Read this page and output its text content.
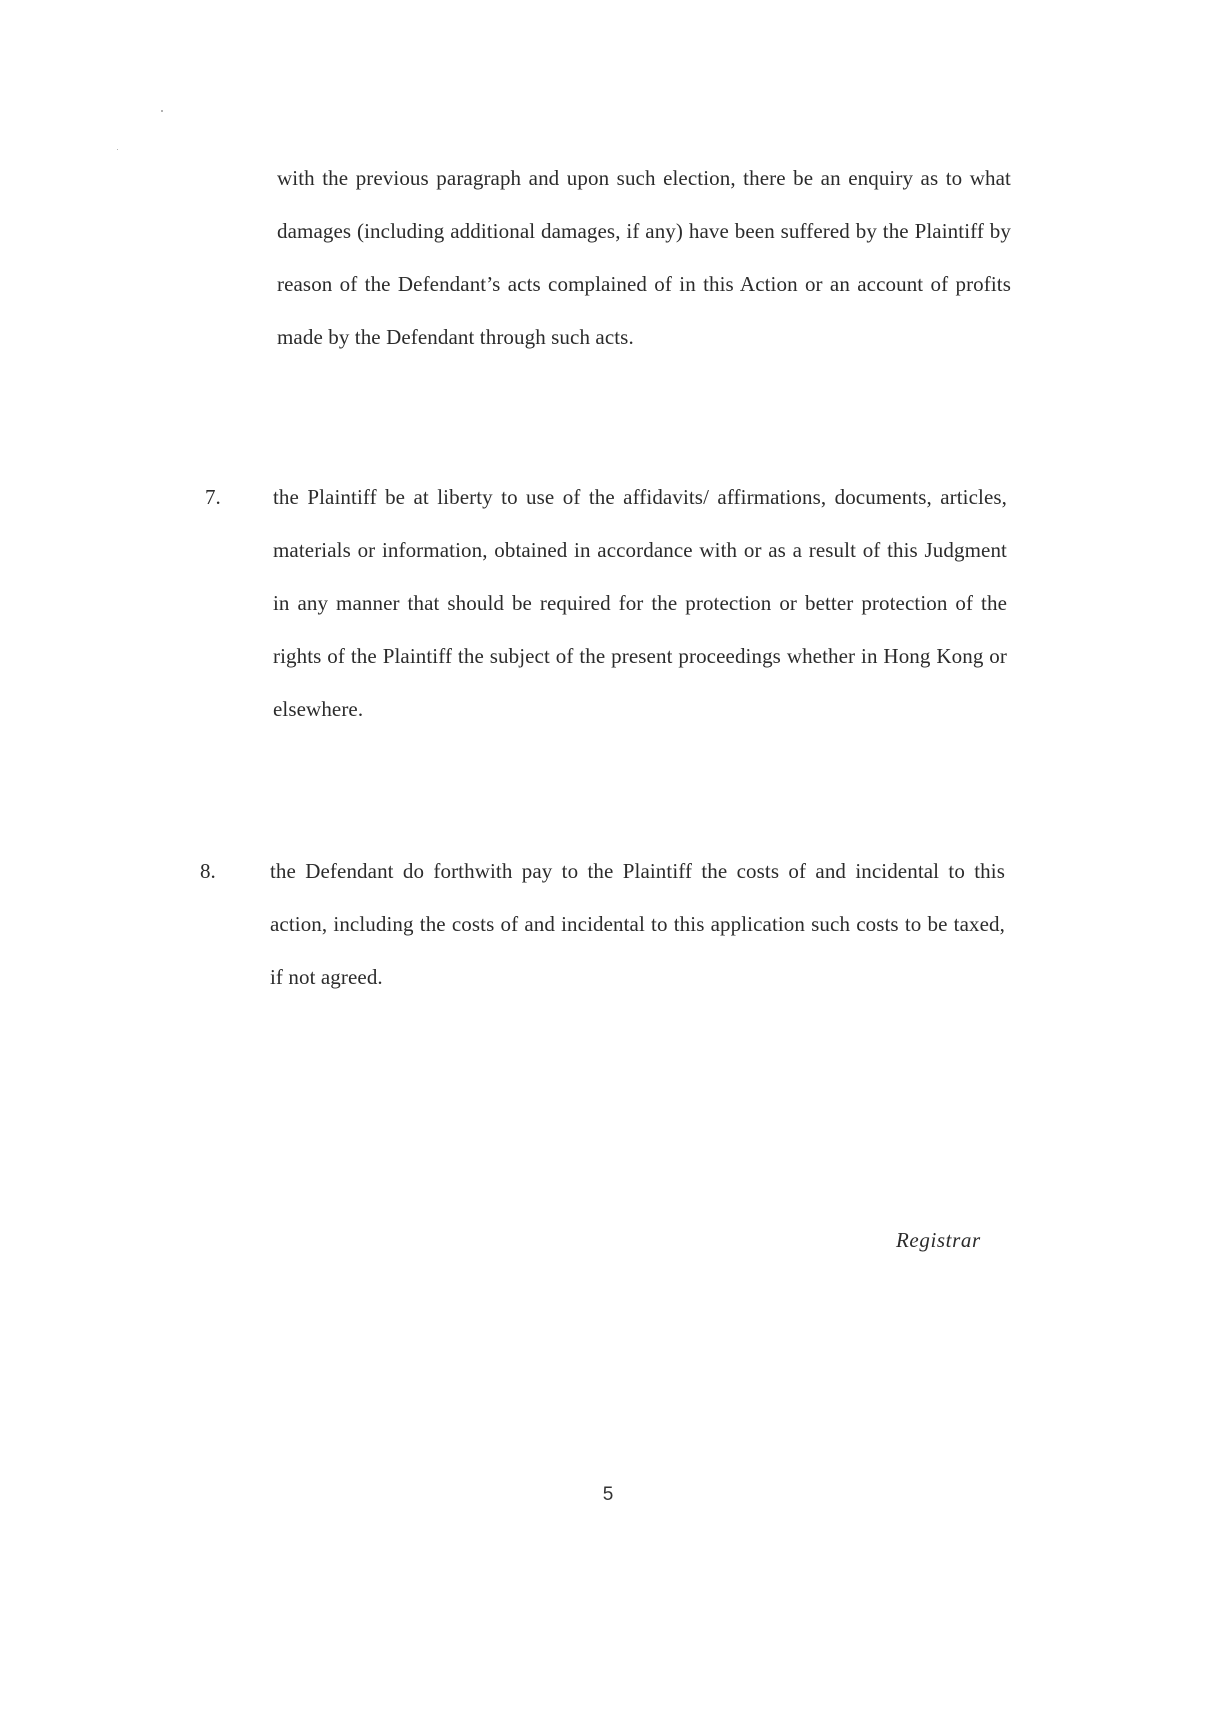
with the previous paragraph and upon such election, there be an enquiry as to what damages (including additional damages, if any) have been suffered by the Plaintiff by reason of the Defendant’s acts complained of in this Action or an account of profits made by the Defendant through such acts.
7. the Plaintiff be at liberty to use of the affidavits/ affirmations, documents, articles, materials or information, obtained in accordance with or as a result of this Judgment in any manner that should be required for the protection or better protection of the rights of the Plaintiff the subject of the present proceedings whether in Hong Kong or elsewhere.
8.	the Defendant do forthwith pay to the Plaintiff the costs of and incidental to this action, including the costs of and incidental to this application such costs to be taxed, if not agreed.
Registrar
5
